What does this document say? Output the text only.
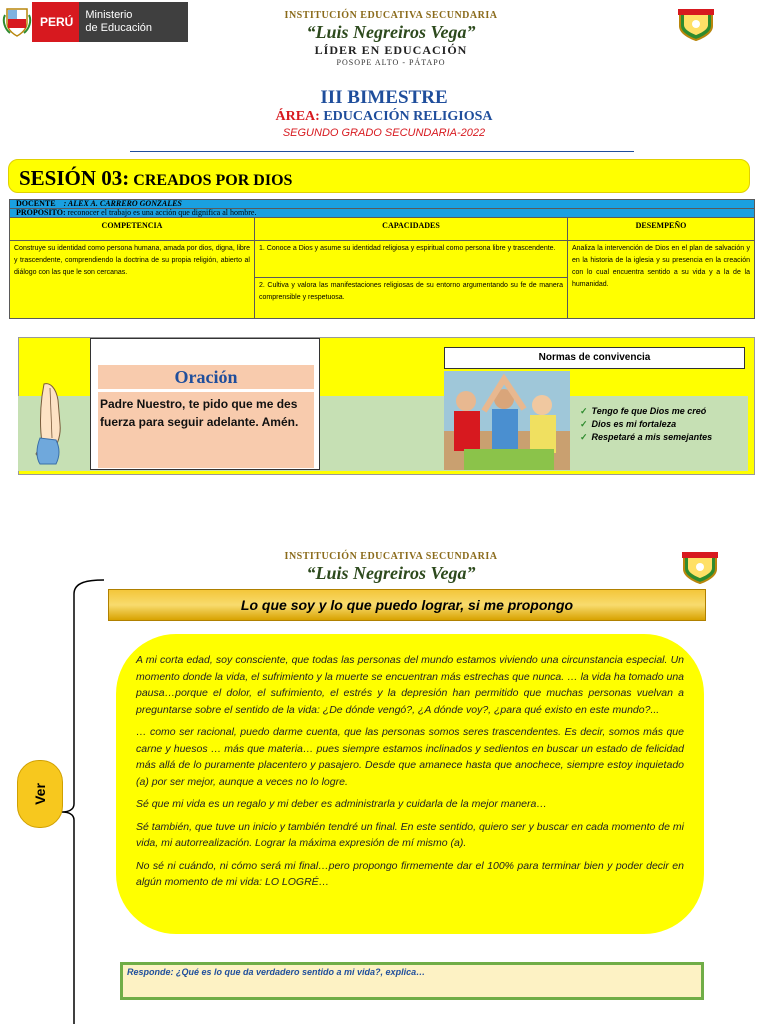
PERÚ	Ministerio
de Educación
INSTITUCIÓN EDUCATIVA SECUNDARIA
“Luis Negreiros Vega”
LÍDER EN EDUCACIÓN
POSOPE ALTO - PÁTAPO
III BIMESTRE
ÁREA: EDUCACIÓN RELIGIOSA
SEGUNDO GRADO SECUNDARIA-2022
SESIÓN 03: CREADOS POR DIOS
DOCENTE : ALEX A. CARRERO GONZALES		
PROPOSITO: reconocer el trabajo es una acción que dignifica al hombre.		
COMPETENCIA	CAPACIDADES	DESEMPEÑO
Construye su identidad como persona humana, amada por dios, digna, libre y trascendente, comprendiendo la doctrina de su propia religión, abierto al diálogo con las que le son cercanas.	1. Conoce a Dios y asume su identidad religiosa y espiritual como persona libre y trascendente.	Analiza la intervención de Dios en el plan de salvación y en la historia de la iglesia y su presencia en la creación con lo cual encuentra sentido a su vida y a la de la humanidad.
	2. Cultiva y valora las manifestaciones religiosas de su entorno argumentando su fe de manera comprensible y respetuosa.	
Oración
Padre Nuestro, te pido que me des fuerza para seguir adelante. Amén.
Normas de convivencia
✓ Tengo fe que Dios me creó
✓ Dios es mi fortaleza
✓ Respetaré a mis semejantes
INSTITUCIÓN EDUCATIVA SECUNDARIA
“Luis Negreiros Vega”
Ver
Lo que soy y lo que puedo lograr, si me propongo

A mi corta edad, soy consciente, que todas las personas del mundo estamos viviendo una circunstancia especial. Un momento donde la vida, el sufrimiento y la muerte se encuentran más estrechas que nunca. … la vida ha tomado una pausa…porque el dolor, el sufrimiento, el estrés y la depresión han permitido que muchas personas vuelvan a preguntarse sobre el sentido de la vida: ¿De dónde vengó?, ¿A dónde voy?, ¿para qué existo en este mundo?...

… como ser racional, puedo darme cuenta, que las personas somos seres trascendentes. Es decir, somos más que carne y huesos … más que materia… pues siempre estamos inclinados y sedientos en buscar un estado de felicidad más allá de lo puramente placentero y pasajero. Desde que amanece hasta que anochece, siempre estoy inquietado (a) por ser mejor, aunque a veces no lo logre.

Sé que mi vida es un regalo y mi deber es administrarla y cuidarla de la mejor manera…

Sé también, que tuve un inicio y también tendré un final. En este sentido, quiero ser y buscar en cada momento de mi vida, mi autorrealización. Lograr la máxima expresión de mí mismo (a).

No sé ni cuándo, ni cómo será mi final…pero propongo firmemente dar el 100% para terminar bien y poder decir en algún momento de mi vida: LO LOGRÉ…

Responde: ¿Qué es lo que da verdadero sentido a mi vida?, explica…
